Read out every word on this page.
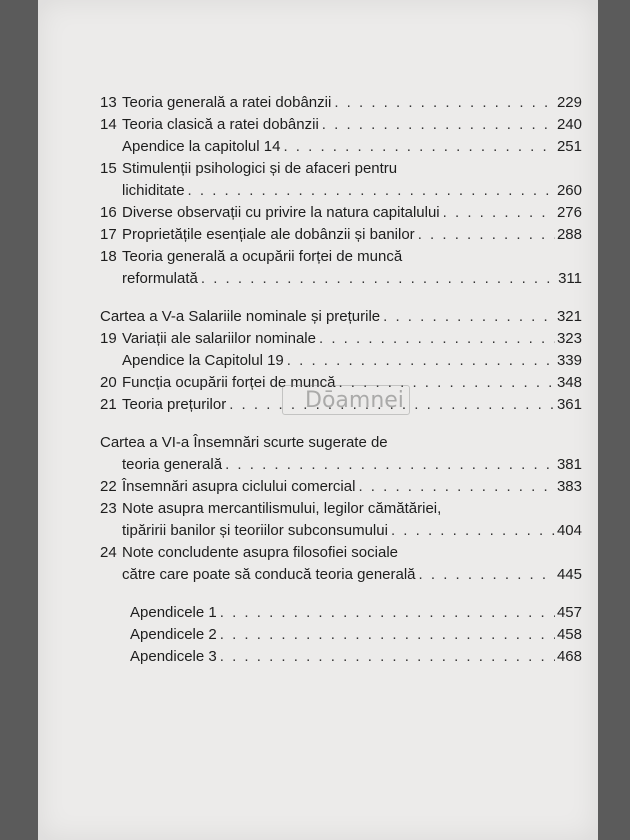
13 Teoria generală a ratei dobânzii . . .	229
14 Teoria clasică a ratei dobânzii . . .	240
Apendice la capitolul 14 . . .	251
15 Stimulenții psihologici și de afaceri pentru
lichiditate . . .	260
16 Diverse observații cu privire la natura capitalului . . .	276
17 Proprietățile esențiale ale dobânzii și banilor . . .	288
18 Teoria generală a ocupării forței de muncă
reformulată . . .	311
Cartea a V-a Salariile nominale și prețurile . . .	321
19 Variații ale salariilor nominale . . .	323
Apendice la Capitolul 19 . . .	339
20 Funcția ocupării forței de muncă . . .	348
21 Teoria prețurilor . . .	361
Cartea a VI-a Însemnări scurte sugerate de
teoria generală . . .	381
22 Însemnări asupra ciclului comercial . . .	383
23 Note asupra mercantilismului, legilor cămătăriei,
tipăririi banilor și teoriilor subconsumului . . .	404
24 Note concludente asupra filosofiei sociale
către care poate să conducă teoria generală . . .	445
Apendicele 1 . . .	457
Apendicele 2 . . .	458
Apendicele 3 . . .	468
Dōamnei
